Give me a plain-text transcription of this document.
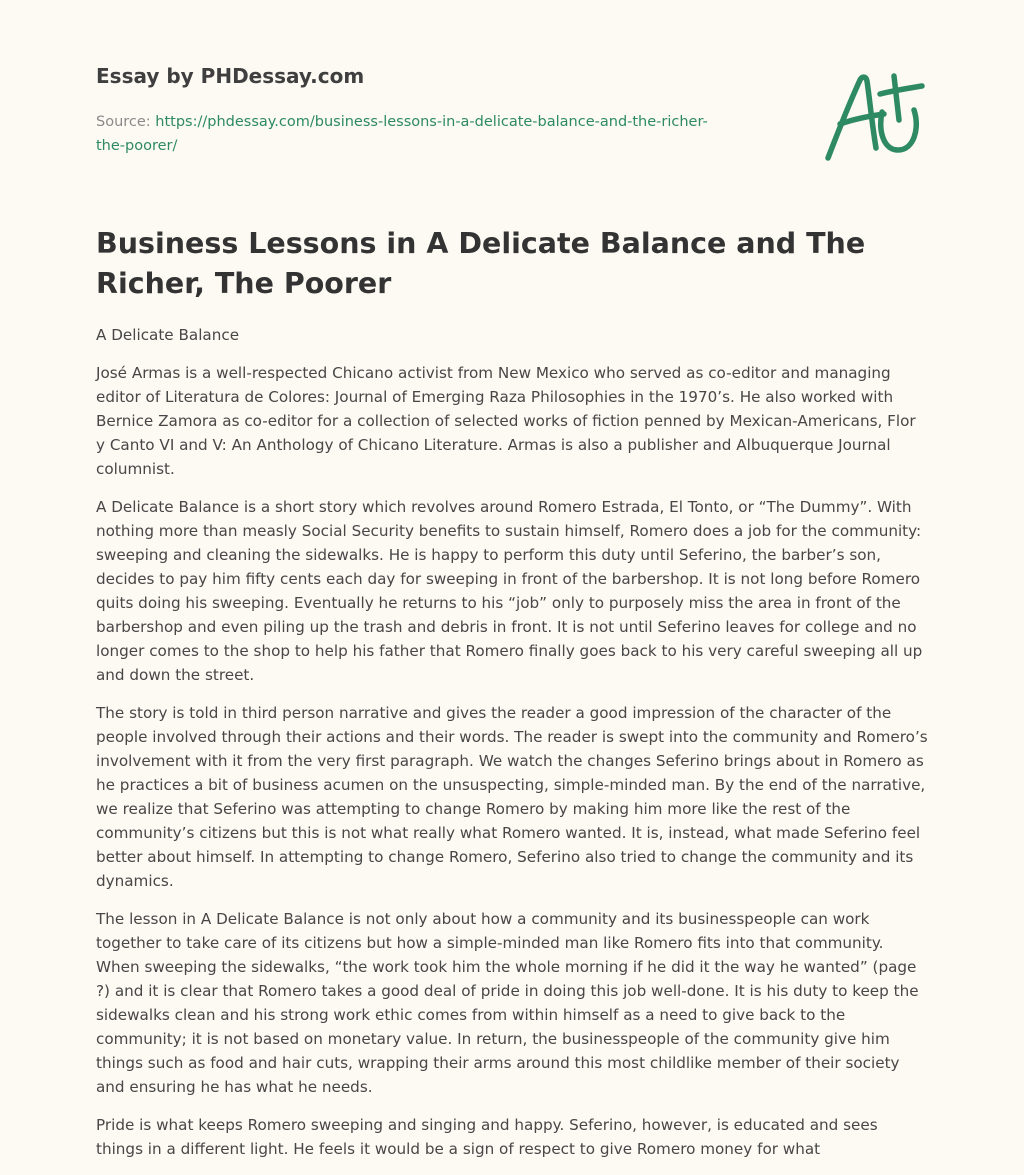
Essay by PHDessay.com
Source: https://phdessay.com/business-lessons-in-a-delicate-balance-and-the-richer-the-poorer/
Business Lessons in A Delicate Balance and The Richer, The Poorer

A Delicate Balance

José Armas is a well-respected Chicano activist from New Mexico who served as co-editor and managing editor of Literatura de Colores: Journal of Emerging Raza Philosophies in the 1970’s. He also worked with Bernice Zamora as co-editor for a collection of selected works of fiction penned by Mexican-Americans, Flor y Canto VI and V: An Anthology of Chicano Literature. Armas is also a publisher and Albuquerque Journal columnist.

A Delicate Balance is a short story which revolves around Romero Estrada, El Tonto, or “The Dummy”. With nothing more than measly Social Security benefits to sustain himself, Romero does a job for the community: sweeping and cleaning the sidewalks. He is happy to perform this duty until Seferino, the barber’s son, decides to pay him fifty cents each day for sweeping in front of the barbershop. It is not long before Romero quits doing his sweeping. Eventually he returns to his “job” only to purposely miss the area in front of the barbershop and even piling up the trash and debris in front. It is not until Seferino leaves for college and no longer comes to the shop to help his father that Romero finally goes back to his very careful sweeping all up and down the street.

The story is told in third person narrative and gives the reader a good impression of the character of the people involved through their actions and their words. The reader is swept into the community and Romero’s involvement with it from the very first paragraph. We watch the changes Seferino brings about in Romero as he practices a bit of business acumen on the unsuspecting, simple-minded man. By the end of the narrative, we realize that Seferino was attempting to change Romero by making him more like the rest of the community’s citizens but this is not what really what Romero wanted. It is, instead, what made Seferino feel better about himself. In attempting to change Romero, Seferino also tried to change the community and its dynamics.

The lesson in A Delicate Balance is not only about how a community and its businesspeople can work together to take care of its citizens but how a simple-minded man like Romero fits into that community. When sweeping the sidewalks, “the work took him the whole morning if he did it the way he wanted” (page ?) and it is clear that Romero takes a good deal of pride in doing this job well-done. It is his duty to keep the sidewalks clean and his strong work ethic comes from within himself as a need to give back to the community; it is not based on monetary value. In return, the businesspeople of the community give him things such as food and hair cuts, wrapping their arms around this most childlike member of their society and ensuring he has what he needs.

Pride is what keeps Romero sweeping and singing and happy. Seferino, however, is educated and sees things in a different light. He feels it would be a sign of respect to give Romero money for what
